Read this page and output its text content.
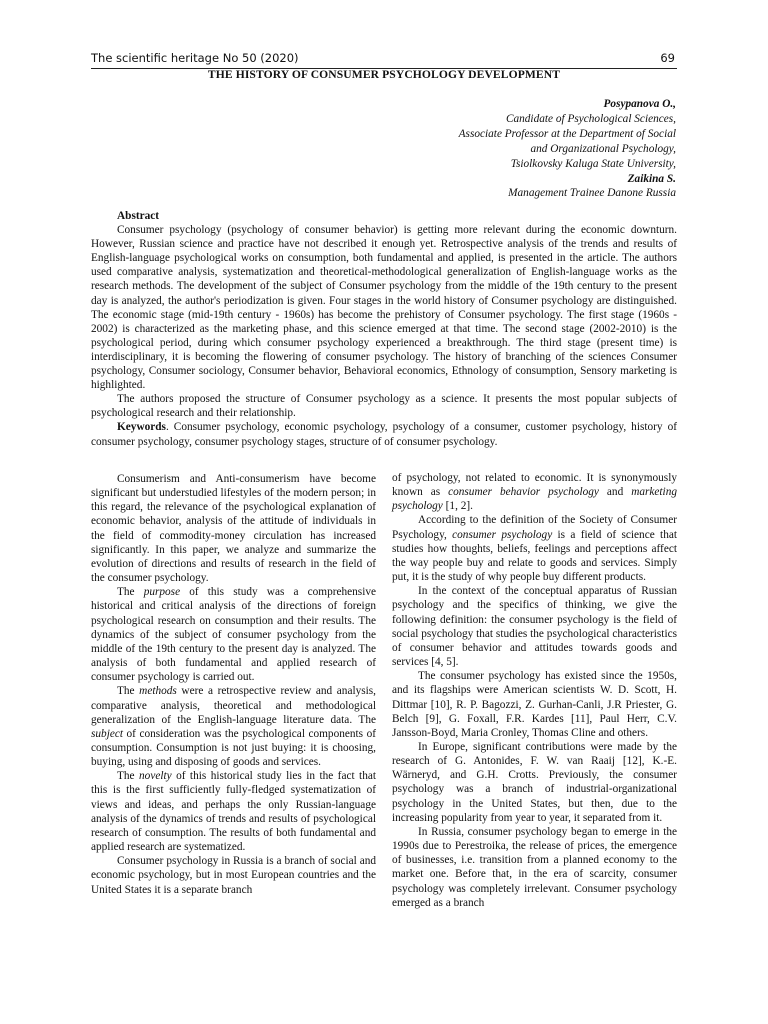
The scientific heritage No 50 (2020)	69
THE HISTORY OF CONSUMER PSYCHOLOGY DEVELOPMENT
Posypanova O.,
Candidate of Psychological Sciences,
Associate Professor at the Department of Social
and Organizational Psychology,
Tsiolkovsky Kaluga State University,
Zaikina S.
Management Trainee Danone Russia

Abstract

Consumer psychology (psychology of consumer behavior) is getting more relevant during the economic downturn. However, Russian science and practice have not described it enough yet. Retrospective analysis of the trends and results of English-language psychological works on consumption, both fundamental and applied, is presented in the article. The authors used comparative analysis, systematization and theoretical-methodological generalization of English-language works as the research methods. The development of the subject of Consumer psychology from the middle of the 19th century to the present day is analyzed, the author's periodization is given. Four stages in the world history of Consumer psychology are distinguished. The economic stage (mid-19th century - 1960s) has become the prehistory of Consumer psychology. The first stage (1960s - 2002) is characterized as the marketing phase, and this science emerged at that time. The second stage (2002-2010) is the psychological period, during which consumer psychology experienced a breakthrough. The third stage (present time) is interdisciplinary, it is becoming the flowering of consumer psychology. The history of branching of the sciences Consumer psychology, Consumer sociology, Consumer behavior, Behavioral economics, Ethnology of consumption, Sensory marketing is highlighted.

The authors proposed the structure of Consumer psychology as a science. It presents the most popular subjects of psychological research and their relationship.

Keywords. Consumer psychology, economic psychology, psychology of a consumer, customer psychology, history of consumer psychology, consumer psychology stages, structure of of consumer psychology.

Consumerism and Anti-consumerism have become significant but understudied lifestyles of the modern person; in this regard, the relevance of the psychological explanation of economic behavior, analysis of the attitude of individuals in the field of commodity-money circulation has increased significantly. In this paper, we analyze and summarize the evolution of directions and results of research in the field of the consumer psychology.

The purpose of this study was a comprehensive historical and critical analysis of the directions of foreign psychological research on consumption and their results. The dynamics of the subject of consumer psychology from the middle of the 19th century to the present day is analyzed. The analysis of both fundamental and applied research of consumer psychology is carried out.

The methods were a retrospective review and analysis, comparative analysis, theoretical and methodological generalization of the English-language literature data. The subject of consideration was the psychological components of consumption. Consumption is not just buying: it is choosing, buying, using and disposing of goods and services.

The novelty of this historical study lies in the fact that this is the first sufficiently fully-fledged systematization of views and ideas, and perhaps the only Russian-language analysis of the dynamics of trends and results of psychological research of consumption. The results of both fundamental and applied research are systematized.

Consumer psychology in Russia is a branch of social and economic psychology, but in most European countries and the United States it is a separate branch

of psychology, not related to economic. It is synonymously known as consumer behavior psychology and marketing psychology [1, 2].

According to the definition of the Society of Consumer Psychology, consumer psychology is a field of science that studies how thoughts, beliefs, feelings and perceptions affect the way people buy and relate to goods and services. Simply put, it is the study of why people buy different products.

In the context of the conceptual apparatus of Russian psychology and the specifics of thinking, we give the following definition: the consumer psychology is the field of social psychology that studies the psychological characteristics of consumer behavior and attitudes towards goods and services [4, 5].

The consumer psychology has existed since the 1950s, and its flagships were American scientists W. D. Scott, H. Dittmar [10], R. P. Bagozzi, Z. Gurhan-Canli, J.R Priester, G. Belch [9], G. Foxall, F.R. Kardes [11], Paul Herr, C.V. Jansson-Boyd, Maria Cronley, Thomas Cline and others.

In Europe, significant contributions were made by the research of G. Antonides, F. W. van Raaij [12], K.-E. Wärneryd, and G.H. Crotts. Previously, the consumer psychology was a branch of industrial-organizational psychology in the United States, but then, due to the increasing popularity from year to year, it separated from it.

In Russia, consumer psychology began to emerge in the 1990s due to Perestroika, the release of prices, the emergence of businesses, i.e. transition from a planned economy to the market one. Before that, in the era of scarcity, consumer psychology was completely irrelevant. Consumer psychology emerged as a branch
